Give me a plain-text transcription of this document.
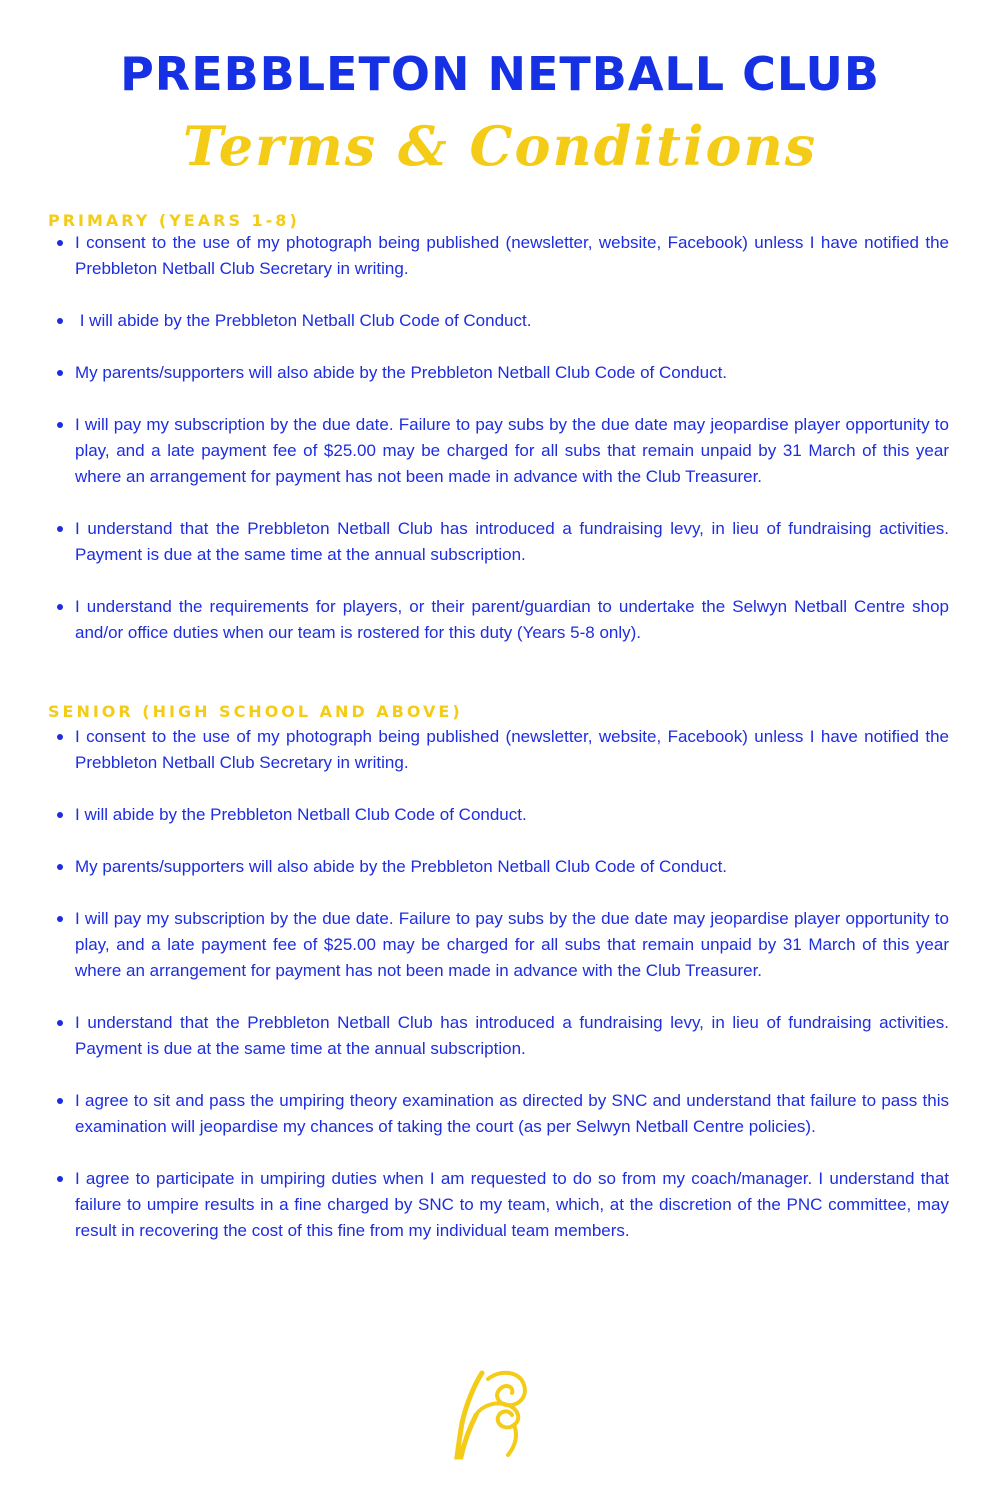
PREBBLETON NETBALL CLUB
Terms & Conditions
PRIMARY (YEARS 1-8)
I consent to the use of my photograph being published (newsletter, website, Facebook) unless I have notified the Prebbleton Netball Club Secretary in writing.
I will abide by the Prebbleton Netball Club Code of Conduct.
My parents/supporters will also abide by the Prebbleton Netball Club Code of Conduct.
I will pay my subscription by the due date. Failure to pay subs by the due date may jeopardise player opportunity to play, and a late payment fee of $25.00 may be charged for all subs that remain unpaid by 31 March of this year where an arrangement for payment has not been made in advance with the Club Treasurer.
I understand that the Prebbleton Netball Club has introduced a fundraising levy, in lieu of fundraising activities. Payment is due at the same time at the annual subscription.
I understand the requirements for players, or their parent/guardian to undertake the Selwyn Netball Centre shop and/or office duties when our team is rostered for this duty (Years 5-8 only).
SENIOR (HIGH SCHOOL AND ABOVE)
I consent to the use of my photograph being published (newsletter, website, Facebook) unless I have notified the Prebbleton Netball Club Secretary in writing.
I will abide by the Prebbleton Netball Club Code of Conduct.
My parents/supporters will also abide by the Prebbleton Netball Club Code of Conduct.
I will pay my subscription by the due date. Failure to pay subs by the due date may jeopardise player opportunity to play, and a late payment fee of $25.00 may be charged for all subs that remain unpaid by 31 March of this year where an arrangement for payment has not been made in advance with the Club Treasurer.
I understand that the Prebbleton Netball Club has introduced a fundraising levy, in lieu of fundraising activities. Payment is due at the same time at the annual subscription.
I agree to sit and pass the umpiring theory examination as directed by SNC and understand that failure to pass this examination will jeopardise my chances of taking the court (as per Selwyn Netball Centre policies).
I agree to participate in umpiring duties when I am requested to do so from my coach/manager. I understand that failure to umpire results in a fine charged by SNC to my team, which, at the discretion of the PNC committee, may result in recovering the cost of this fine from my individual team members.
